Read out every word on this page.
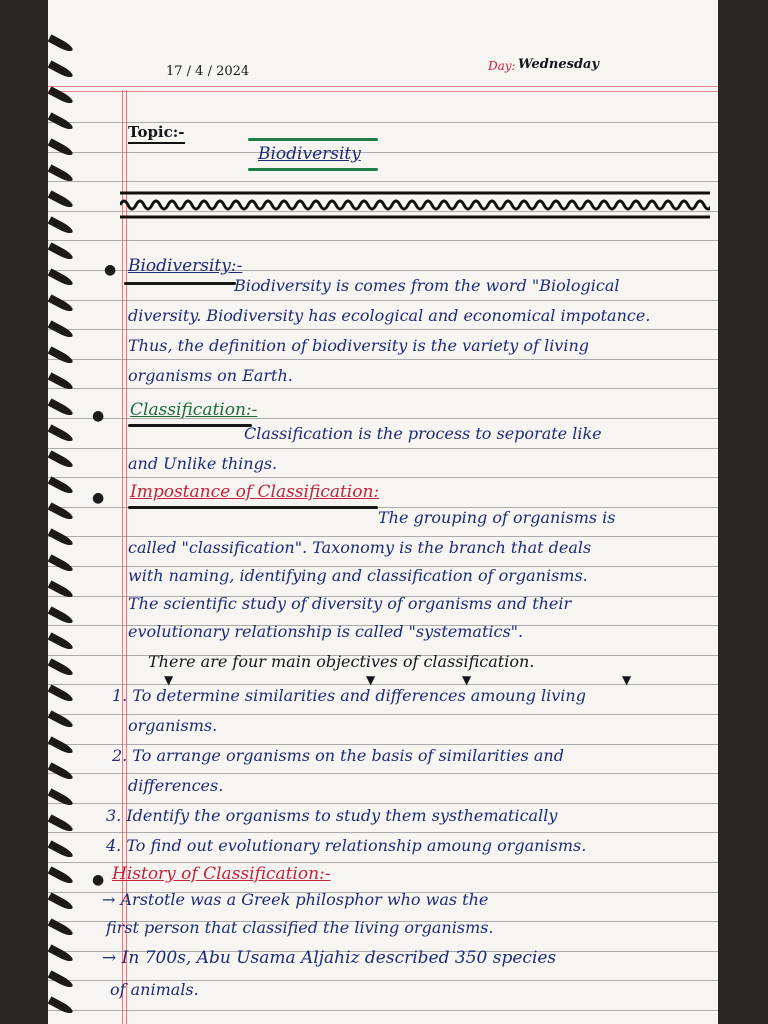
17 / 4 / 2024	Day: Wednesday
Topic:-
Biodiversity
● Biodiversity:-
Biodiversity is comes from the word "Biological
diversity. Biodiversity has ecological and economical impotance.
Thus, the definition of biodiversity is the variety of living
organisms on Earth.
● Classification:-
Classification is the process to seporate like
and Unlike things.
● Impostance of Classification:
The grouping of organisms is
called "classification". Taxonomy is the branch that deals
with naming, identifying and classification of organisms.
The scientific study of diversity of organisms and their
evolutionary relationship is called "systematics".
There are four main objectives of classification.
▼	▼	▼	▼
1. To determine similarities and differences amoung living
organisms.
2. To arrange organisms on the basis of similarities and
differences.
3. Identify the organisms to study them systhematically
4. To find out evolutionary relationship amoung organisms.
● History of Classification:-
→ Arstotle was a Greek philosphor who was the
first person that classified the living organisms.
→ In 700s, Abu Usama Aljahiz described 350 species
of animals.
